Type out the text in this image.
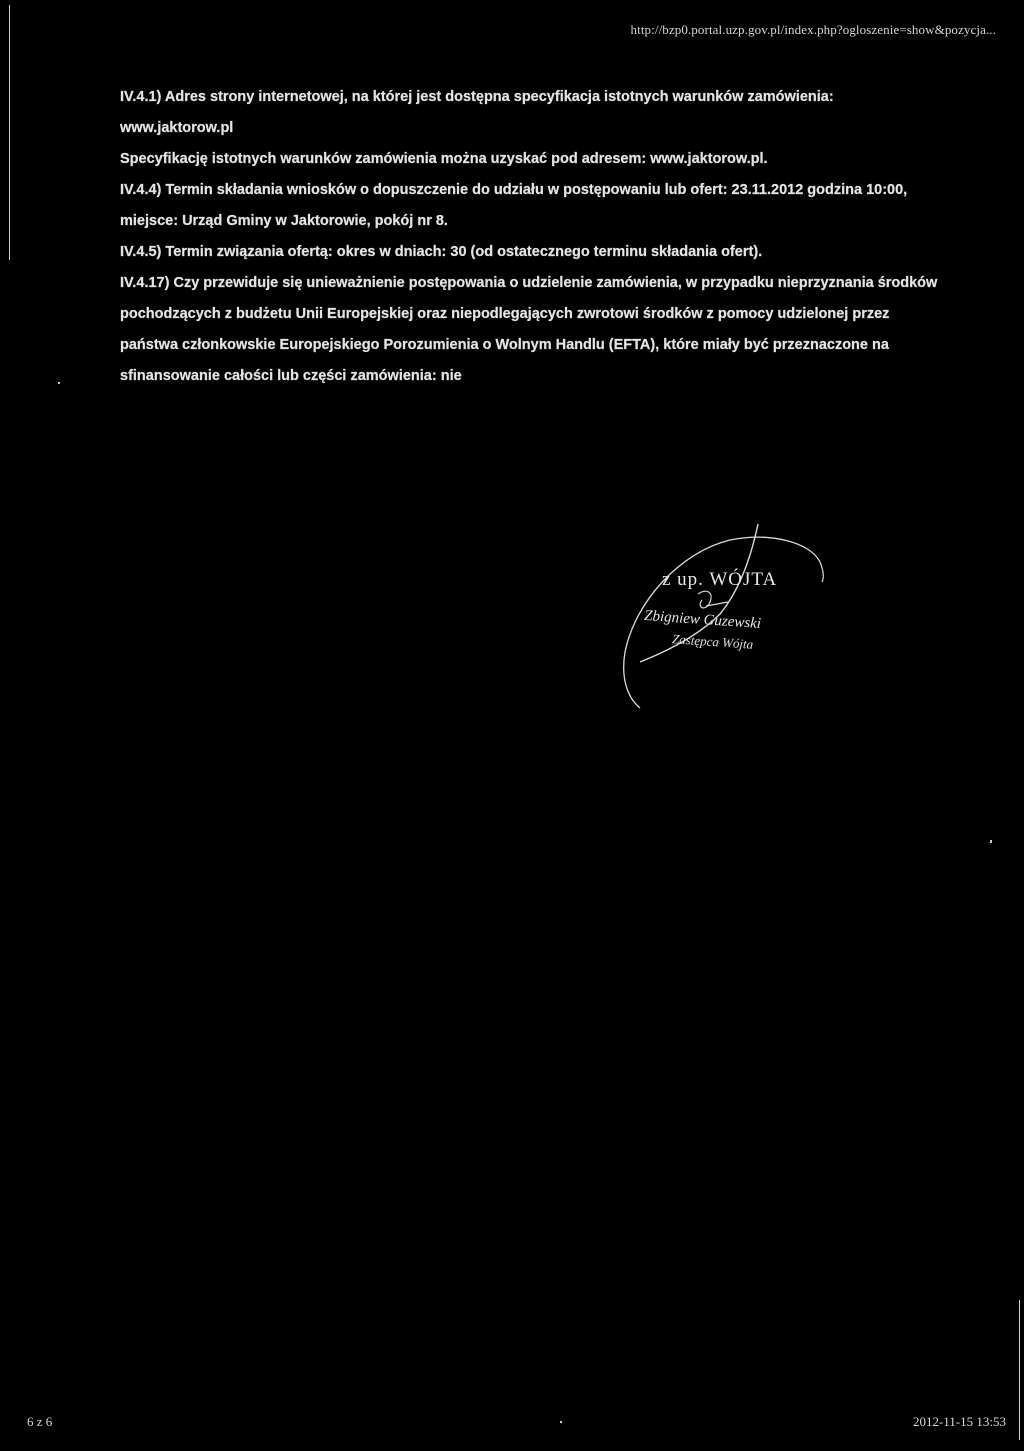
http://bzp0.portal.uzp.gov.pl/index.php?ogloszenie=show&pozycja...

IV.4.1) Adres strony internetowej, na której jest dostępna specyfikacja istotnych warunków zamówienia: www.jaktorow.pl

Specyfikację istotnych warunków zamówienia można uzyskać pod adresem: www.jaktorow.pl.

IV.4.4) Termin składania wniosków o dopuszczenie do udziału w postępowaniu lub ofert: 23.11.2012 godzina 10:00, miejsce: Urząd Gminy w Jaktorowie, pokój nr 8.

IV.4.5) Termin związania ofertą: okres w dniach: 30 (od ostatecznego terminu składania ofert).

IV.4.17) Czy przewiduje się unieważnienie postępowania o udzielenie zamówienia, w przypadku nieprzyznania środków pochodzących z budżetu Unii Europejskiej oraz niepodlegających zwrotowi środków z pomocy udzielonej przez państwa członkowskie Europejskiego Porozumienia o Wolnym Handlu (EFTA), które miały być przeznaczone na sfinansowanie całości lub części zamówienia: nie

z up. WÓJTA
Zbigniew Guzewski
Zastępca Wójta
6 z 6	2012-11-15 13:53
